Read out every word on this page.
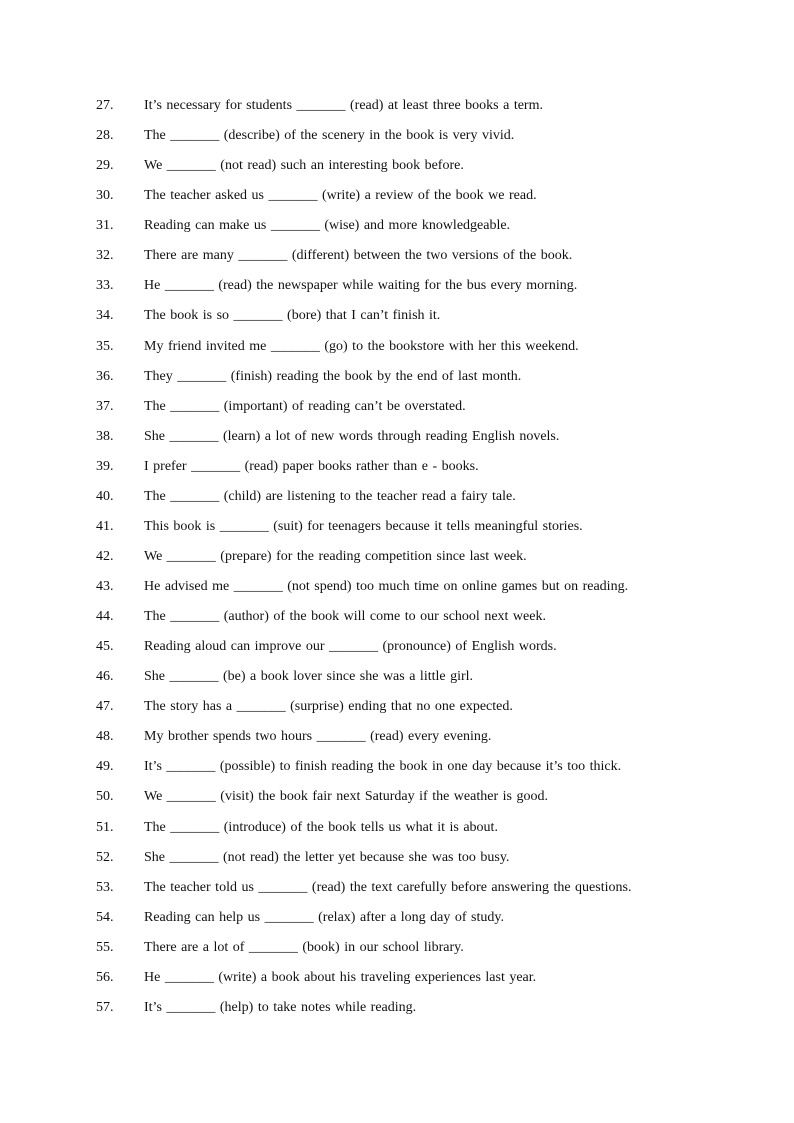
27. It’s necessary for students _______ (read) at least three books a term.
28. The _______ (describe) of the scenery in the book is very vivid.
29. We _______ (not read) such an interesting book before.
30. The teacher asked us _______ (write) a review of the book we read.
31. Reading can make us _______ (wise) and more knowledgeable.
32. There are many _______ (different) between the two versions of the book.
33. He _______ (read) the newspaper while waiting for the bus every morning.
34. The book is so _______ (bore) that I can’t finish it.
35. My friend invited me _______ (go) to the bookstore with her this weekend.
36. They _______ (finish) reading the book by the end of last month.
37. The _______ (important) of reading can’t be overstated.
38. She _______ (learn) a lot of new words through reading English novels.
39. I prefer _______ (read) paper books rather than e - books.
40. The _______ (child) are listening to the teacher read a fairy tale.
41. This book is _______ (suit) for teenagers because it tells meaningful stories.
42. We _______ (prepare) for the reading competition since last week.
43. He advised me _______ (not spend) too much time on online games but on reading.
44. The _______ (author) of the book will come to our school next week.
45. Reading aloud can improve our _______ (pronounce) of English words.
46. She _______ (be) a book lover since she was a little girl.
47. The story has a _______ (surprise) ending that no one expected.
48. My brother spends two hours _______ (read) every evening.
49. It’s _______ (possible) to finish reading the book in one day because it’s too thick.
50. We _______ (visit) the book fair next Saturday if the weather is good.
51. The _______ (introduce) of the book tells us what it is about.
52. She _______ (not read) the letter yet because she was too busy.
53. The teacher told us _______ (read) the text carefully before answering the questions.
54. Reading can help us _______ (relax) after a long day of study.
55. There are a lot of _______ (book) in our school library.
56. He _______ (write) a book about his traveling experiences last year.
57. It’s _______ (help) to take notes while reading.
